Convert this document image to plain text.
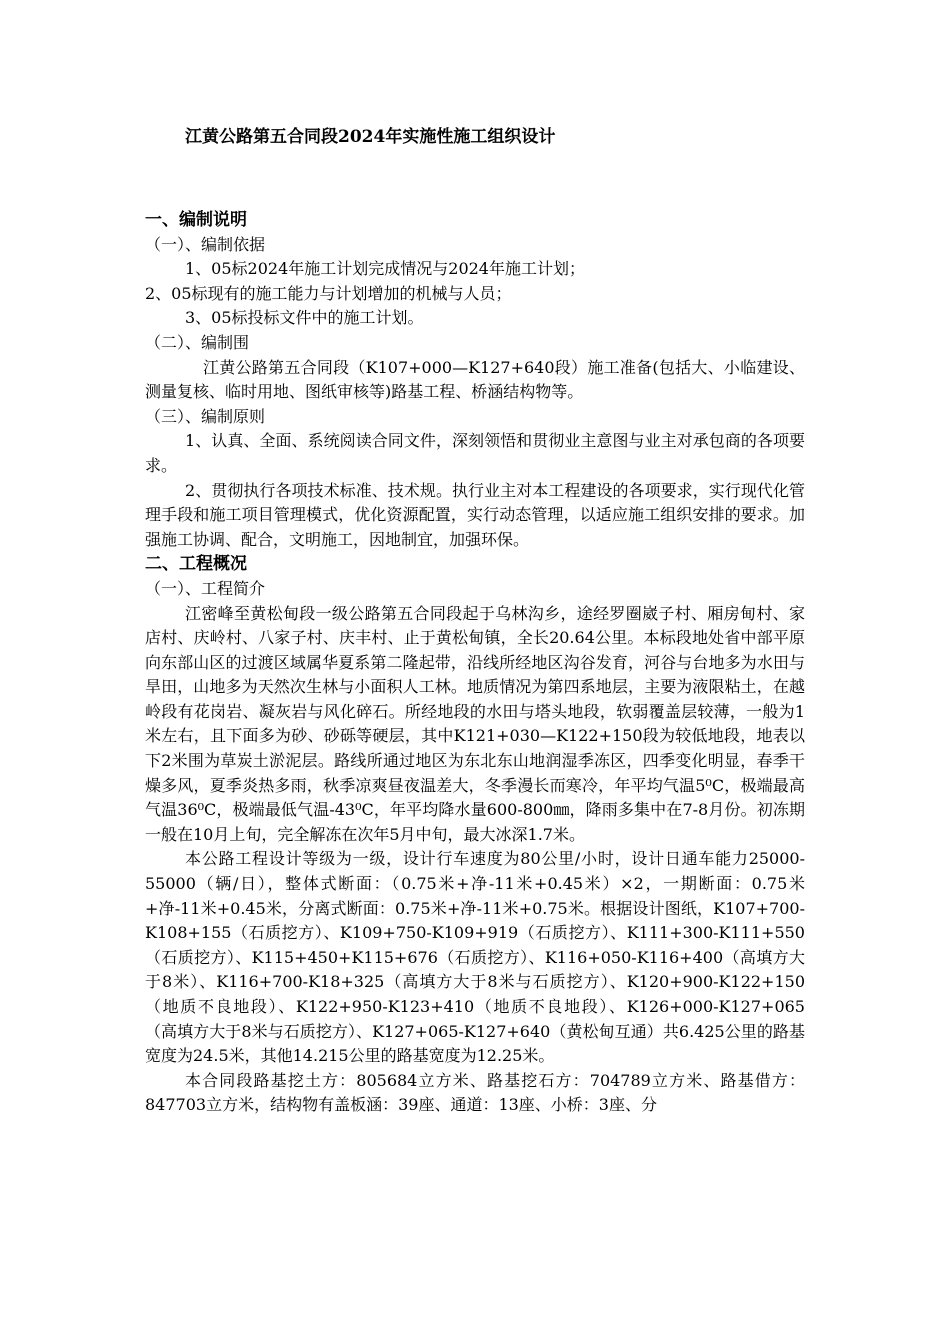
江黄公路第五合同段2024年实施性施工组织设计

一、编制说明

（一）、编制依据

1、05标2024年施工计划完成情况与2024年施工计划；

2、05标现有的施工能力与计划增加的机械与人员；

3、05标投标文件中的施工计划。

（二）、编制围

江黄公路第五合同段（K107+000—K127+640段）施工准备(包括大、小临建设、测量复核、临时用地、图纸审核等)路基工程、桥涵结构物等。

（三）、编制原则

1、认真、全面、系统阅读合同文件，深刻领悟和贯彻业主意图与业主对承包商的各项要求。

2、贯彻执行各项技术标准、技术规。执行业主对本工程建设的各项要求，实行现代化管理手段和施工项目管理模式，优化资源配置，实行动态管理，以适应施工组织安排的要求。加强施工协调、配合，文明施工，因地制宜，加强环保。

二、工程概况

（一）、工程简介

江密峰至黄松甸段一级公路第五合同段起于乌林沟乡，途经罗圈崴子村、厢房甸村、家店村、庆岭村、八家子村、庆丰村、止于黄松甸镇，全长20.64公里。本标段地处省中部平原向东部山区的过渡区域属华夏系第二隆起带，沿线所经地区沟谷发育，河谷与台地多为水田与旱田，山地多为天然次生林与小面积人工林。地质情况为第四系地层，主要为液限粘土，在越岭段有花岗岩、凝灰岩与风化碎石。所经地段的水田与塔头地段，软弱覆盖层较薄，一般为1米左右，且下面多为砂、砂砾等硬层，其中K121+030—K122+150段为较低地段，地表以下2米围为草炭土淤泥层。路线所通过地区为东北东山地润湿季冻区，四季变化明显，春季干燥多风，夏季炎热多雨，秋季凉爽昼夜温差大，冬季漫长而寒冷，年平均气温5⁰C，极端最高气温36⁰C，极端最低气温-43⁰C，年平均降水量600-800㎜，降雨多集中在7-8月份。初冻期一般在10月上旬，完全解冻在次年5月中旬，最大冰深1.7米。

本公路工程设计等级为一级，设计行车速度为80公里/小时，设计日通车能力25000-55000（辆/日），整体式断面：（0.75米+净-11米+0.45米）×2，一期断面：0.75米+净-11米+0.45米，分离式断面：0.75米+净-11米+0.75米。根据设计图纸，K107+700-K108+155（石质挖方）、K109+750-K109+919（石质挖方）、K111+300-K111+550（石质挖方）、K115+450+K115+676（石质挖方）、K116+050-K116+400（高填方大于8米）、K116+700-K18+325（高填方大于8米与石质挖方）、K120+900-K122+150（地质不良地段）、K122+950-K123+410（地质不良地段）、K126+000-K127+065（高填方大于8米与石质挖方）、K127+065-K127+640（黄松甸互通）共6.425公里的路基宽度为24.5米，其他14.215公里的路基宽度为12.25米。

本合同段路基挖土方：805684立方米、路基挖石方：704789立方米、路基借方：847703立方米，结构物有盖板涵：39座、通道：13座、小桥：3座、分
